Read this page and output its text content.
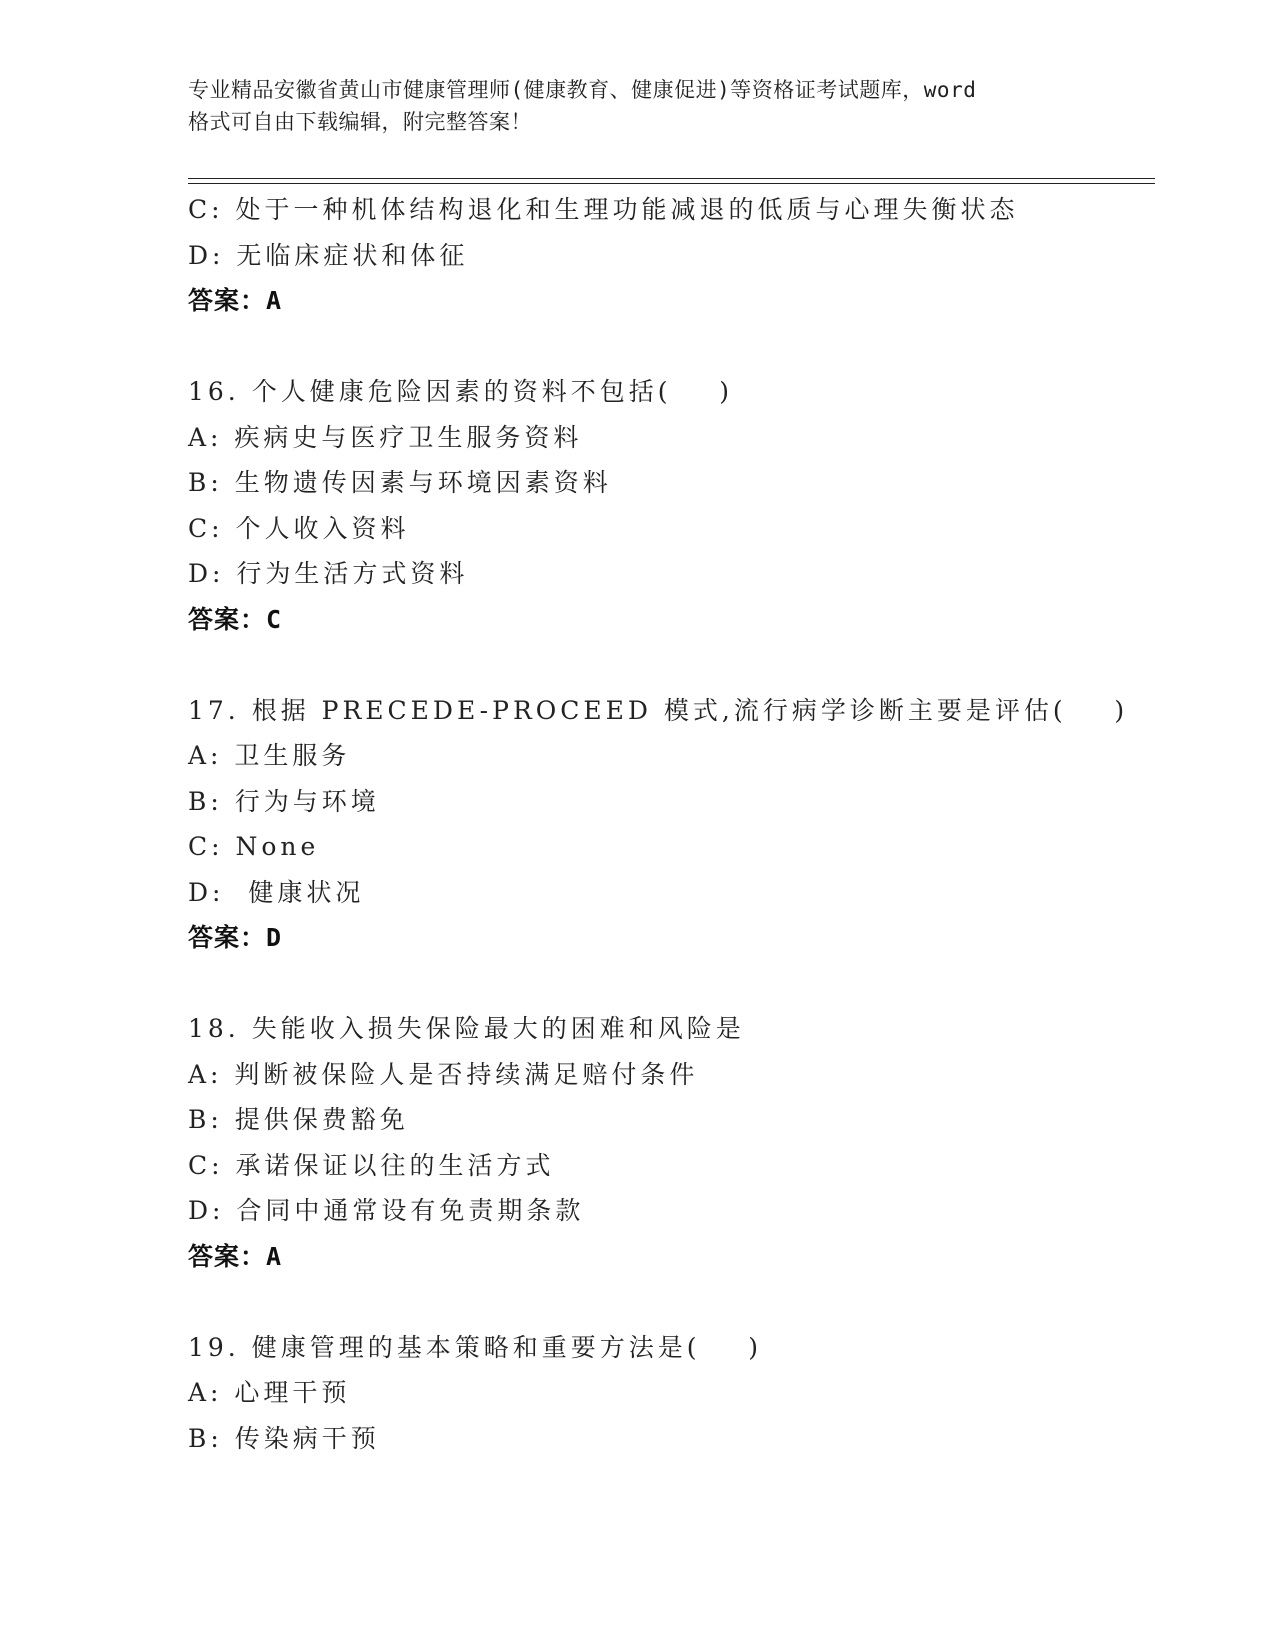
专业精品安徽省黄山市健康管理师(健康教育、健康促进)等资格证考试题库，word
格式可自由下载编辑，附完整答案！
C: 处于一种机体结构退化和生理功能减退的低质与心理失衡状态
D: 无临床症状和体征
答案：A
16. 个人健康危险因素的资料不包括(    )
A: 疾病史与医疗卫生服务资料
B: 生物遗传因素与环境因素资料
C: 个人收入资料
D: 行为生活方式资料
答案：C
17. 根据 PRECEDE-PROCEED 模式,流行病学诊断主要是评估(    )
A: 卫生服务
B: 行为与环境
C: None
D:  健康状况
答案：D
18. 失能收入损失保险最大的困难和风险是
A: 判断被保险人是否持续满足赔付条件
B: 提供保费豁免
C: 承诺保证以往的生活方式
D: 合同中通常设有免责期条款
答案：A
19. 健康管理的基本策略和重要方法是(    )
A: 心理干预
B: 传染病干预
